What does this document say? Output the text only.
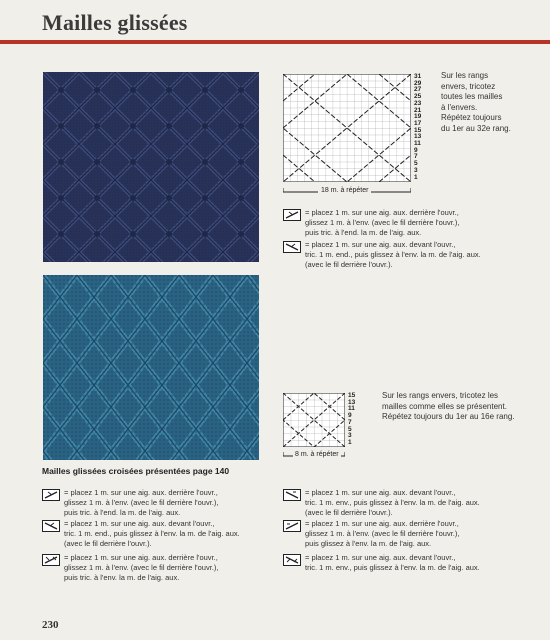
Mailles glissées
31
29
27
25
23
21
19
17
15
13
11
9
7
5
3
1
18 m. à répéter
Sur les rangs
envers, tricotez
toutes les mailles
à l'envers.
Répétez toujours
du 1er au 32e rang.
= placez 1 m. sur une aig. aux. derrière l'ouvr.,
glissez 1 m. à l'env. (avec le fil derrière l'ouvr.),
puis tric. à l'end. la m. de l'aig. aux.
= placez 1 m. sur une aig. aux. devant l'ouvr.,
tric. 1 m. end., puis glissez à l'env. la m. de l'aig. aux.
(avec le fil derrière l'ouvr.).
15
13
11
9
7
5
3
1
8 m. à répéter
Sur les rangs envers, tricotez les
mailles comme elles se présentent.
Répétez toujours du 1er au 16e rang.
Mailles glissées croisées présentées page 140
= placez 1 m. sur une aig. aux. derrière l'ouvr.,
glissez 1 m. à l'env. (avec le fil derrière l'ouvr.),
puis tric. à l'end. la m. de l'aig. aux.
= placez 1 m. sur une aig. aux. devant l'ouvr.,
tric. 1 m. end., puis glissez à l'env. la m. de l'aig. aux.
(avec le fil derrière l'ouvr.).
= placez 1 m. sur une aig. aux. derrière l'ouvr.,
glissez 1 m. à l'env. (avec le fil derrière l'ouvr.),
puis tric. à l'env. la m. de l'aig. aux.
= placez 1 m. sur une aig. aux. devant l'ouvr.,
tric. 1 m. env., puis glissez à l'env. la m. de l'aig. aux.
(avec le fil derrière l'ouvr.).
= placez 1 m. sur une aig. aux. derrière l'ouvr.,
glissez 1 m. à l'env. (avec le fil derrière l'ouvr.),
puis glissez à l'env. la m. de l'aig. aux.
= placez 1 m. sur une aig. aux. devant l'ouvr.,
tric. 1 m. env., puis glissez à l'env. la m. de l'aig. aux.
230
